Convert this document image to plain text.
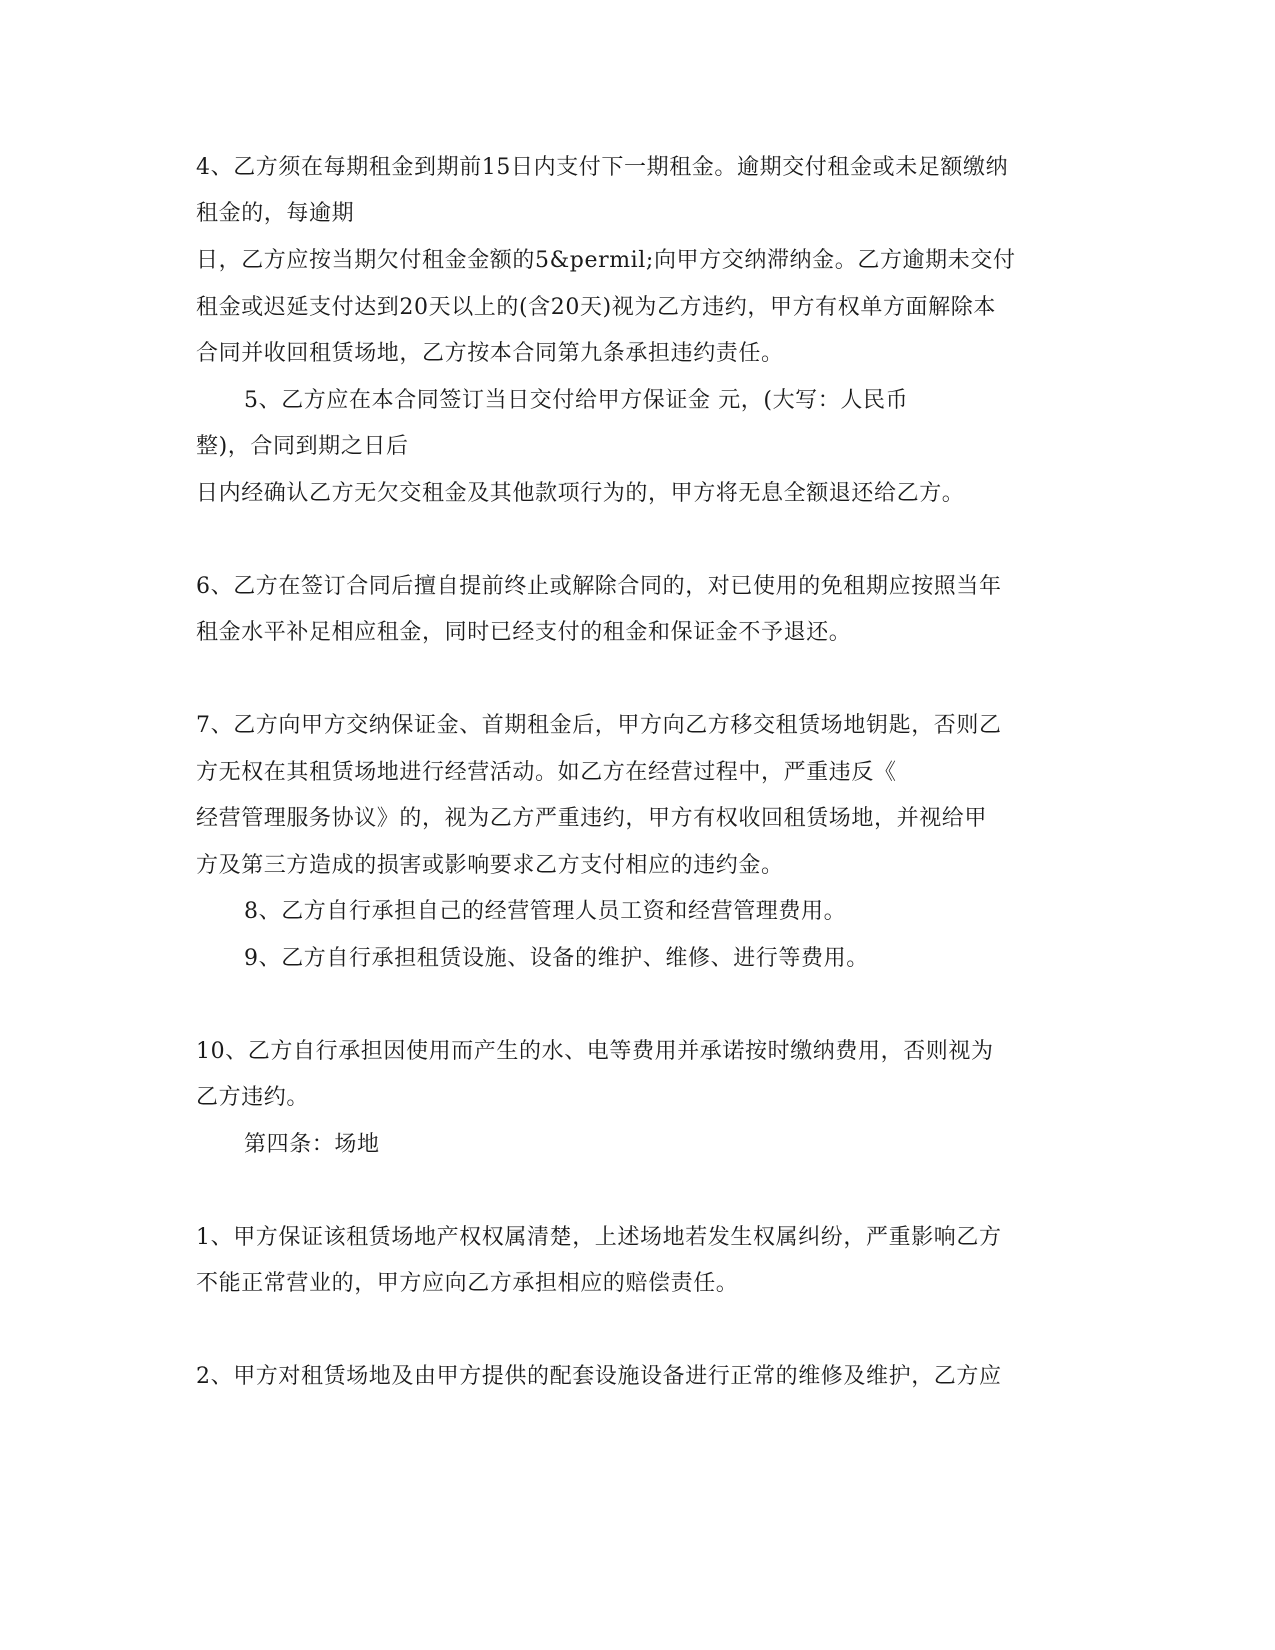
4、乙方须在每期租金到期前15日内支付下一期租金。逾期交付租金或未足额缴纳
租金的，每逾期
日，乙方应按当期欠付租金金额的5&permil;向甲方交纳滞纳金。乙方逾期未交付
租金或迟延支付达到20天以上的(含20天)视为乙方违约，甲方有权单方面解除本
合同并收回租赁场地，乙方按本合同第九条承担违约责任。
5、乙方应在本合同签订当日交付给甲方保证金 元，(大写：人民币
整)，合同到期之日后
日内经确认乙方无欠交租金及其他款项行为的，甲方将无息全额退还给乙方。
6、乙方在签订合同后擅自提前终止或解除合同的，对已使用的免租期应按照当年
租金水平补足相应租金，同时已经支付的租金和保证金不予退还。
7、乙方向甲方交纳保证金、首期租金后，甲方向乙方移交租赁场地钥匙，否则乙
方无权在其租赁场地进行经营活动。如乙方在经营过程中，严重违反《
经营管理服务协议》的，视为乙方严重违约，甲方有权收回租赁场地，并视给甲
方及第三方造成的损害或影响要求乙方支付相应的违约金。
8、乙方自行承担自己的经营管理人员工资和经营管理费用。
9、乙方自行承担租赁设施、设备的维护、维修、进行等费用。
10、乙方自行承担因使用而产生的水、电等费用并承诺按时缴纳费用，否则视为
乙方违约。
第四条：场地
1、甲方保证该租赁场地产权权属清楚，上述场地若发生权属纠纷，严重影响乙方
不能正常营业的，甲方应向乙方承担相应的赔偿责任。
2、甲方对租赁场地及由甲方提供的配套设施设备进行正常的维修及维护，乙方应
